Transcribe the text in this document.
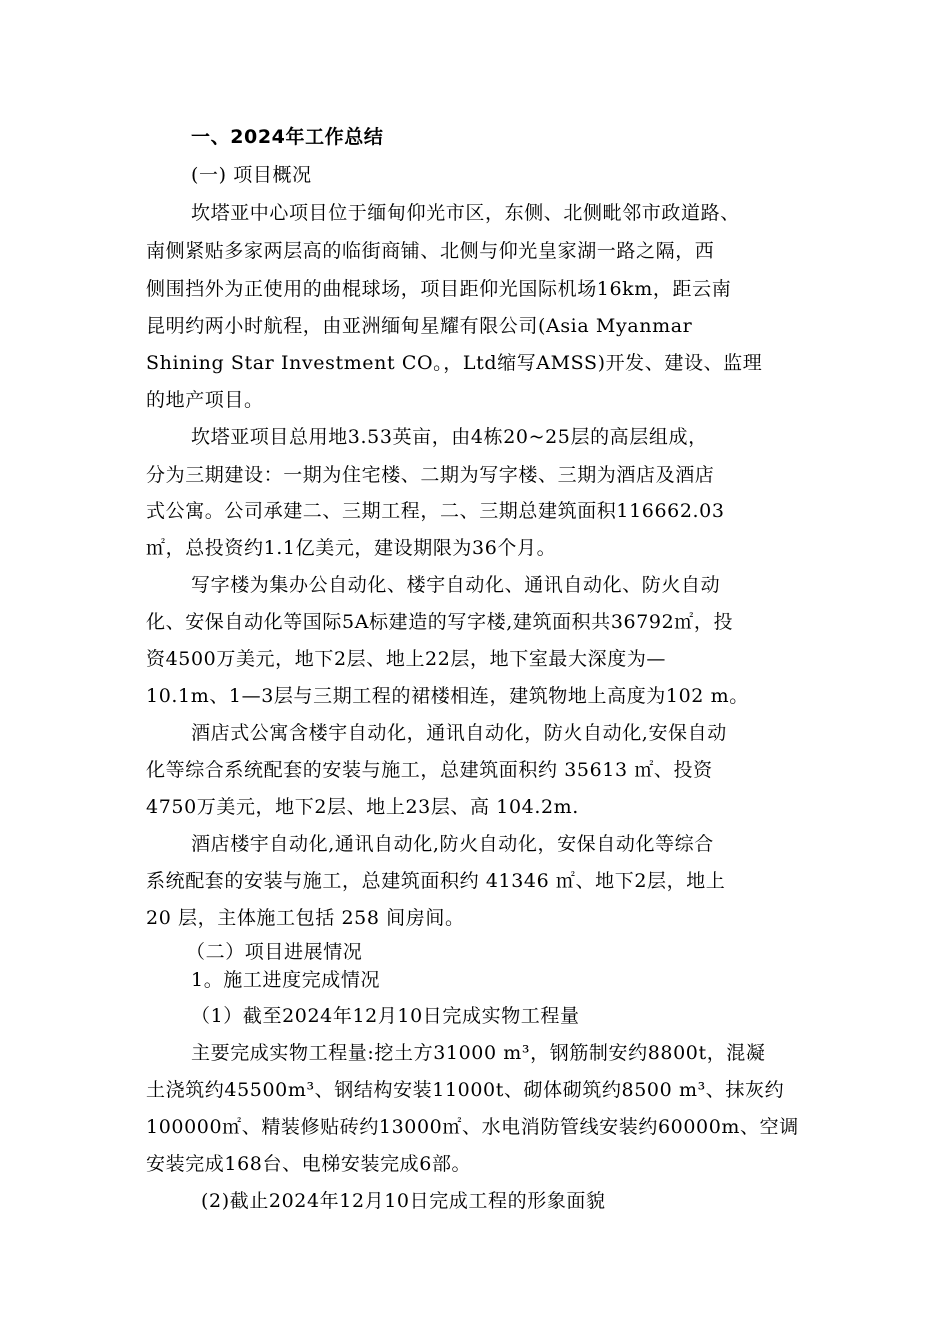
一、2024年工作总结
(一) 项目概况
坎塔亚中心项目位于缅甸仰光市区，东侧、北侧毗邻市政道路、
南侧紧贴多家两层高的临街商铺、北侧与仰光皇家湖一路之隔，西
侧围挡外为正使用的曲棍球场，项目距仰光国际机场16km，距云南
昆明约两小时航程，由亚洲缅甸星耀有限公司(Asia Myanmar
Shining Star Investment CO。，Ltd缩写AMSS)开发、建设、监理
的地产项目。
坎塔亚项目总用地3.53英亩，由4栋20~25层的高层组成，
分为三期建设：一期为住宅楼、二期为写字楼、三期为酒店及酒店
式公寓。公司承建二、三期工程，二、三期总建筑面积116662.03
㎡，总投资约1.1亿美元，建设期限为36个月。
写字楼为集办公自动化、楼宇自动化、通讯自动化、防火自动
化、安保自动化等国际5A标建造的写字楼,建筑面积共36792㎡，投
资4500万美元，地下2层、地上22层，地下室最大深度为—
10.1m、1—3层与三期工程的裙楼相连，建筑物地上高度为102 m。
酒店式公寓含楼宇自动化，通讯自动化，防火自动化,安保自动
化等综合系统配套的安装与施工，总建筑面积约 35613 ㎡、投资
4750万美元，地下2层、地上23层、高 104.2m.
酒店楼宇自动化,通讯自动化,防火自动化，安保自动化等综合
系统配套的安装与施工，总建筑面积约 41346 ㎡、地下2层，地上
20 层，主体施工包括 258 间房间。
（二）项目进展情况
1。施工进度完成情况
（1）截至2024年12月10日完成实物工程量
主要完成实物工程量:挖土方31000 m³，钢筋制安约8800t，混凝
土浇筑约45500m³、钢结构安装11000t、砌体砌筑约8500 m³、抹灰约
100000㎡、精装修贴砖约13000㎡、水电消防管线安装约60000m、空调
安装完成168台、电梯安装完成6部。
(2)截止2024年12月10日完成工程的形象面貌
